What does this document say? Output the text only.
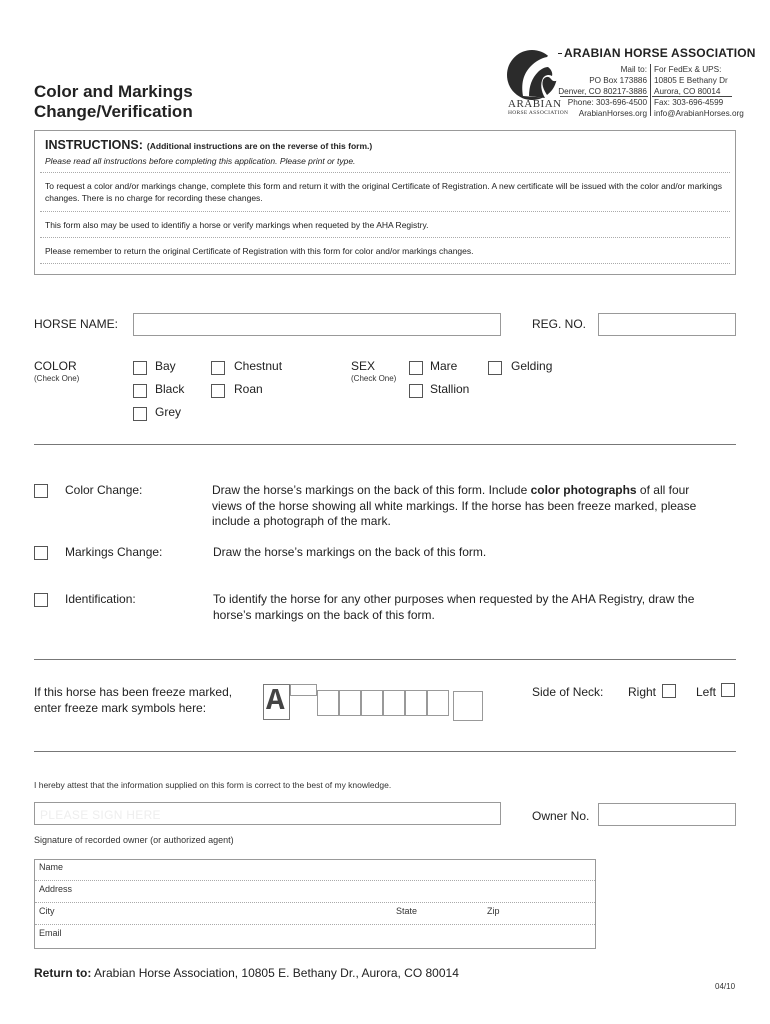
Color and Markings
Change/Verification	ARABIAN
HORSE ASSOCIATION
ARABIAN HORSE ASSOCIATION
Mail to:
PO Box 173886
Denver, CO 80217-3886
For FedEx & UPS:
10805 E Bethany Dr
Aurora, CO 80014
Phone: 303-696-4500
ArabianHorses.org
Fax: 303-696-4599
info@ArabianHorses.org
INSTRUCTIONS: (Additional instructions are on the reverse of this form.)
Please read all instructions before completing this application. Please print or type.
To request a color and/or markings change, complete this form and return it with the original Certificate of Registration. A new certificate will be issued with the color and/or markings changes. There is no charge for recording these changes.
This form also may be used to identifiy a horse or verify markings when requeted by the AHA Registry.
Please remember to return the original Certificate of Registration with this form for color and/or markings changes.
HORSE NAME:	REG. NO.
COLOR
(Check One)
Bay	Chestnut
Black	Roan
Grey
SEX
(Check One)
Mare	Gelding
Stallion
Color Change:	Draw the horse’s markings on the back of this form. Include color photographs of all four
views of the horse showing all white markings. If the horse has been freeze marked, please
include a photograph of the mark.
Markings Change:	Draw the horse’s markings on the back of this form.
Identification:	To identify the horse for any other purposes when requested by the AHA Registry, draw the
horse’s markings on the back of this form.
If this horse has been freeze marked,
enter freeze mark symbols here:	A	Side of Neck: Right	Left
I hereby attest that the information supplied on this form is correct to the best of my knowledge.
PLEASE SIGN HERE	Owner No.
Signature of recorded owner (or authorized agent)
Name
Address
City	State	Zip
Email
Return to: Arabian Horse Association, 10805 E. Bethany Dr., Aurora, CO 80014
04/10
